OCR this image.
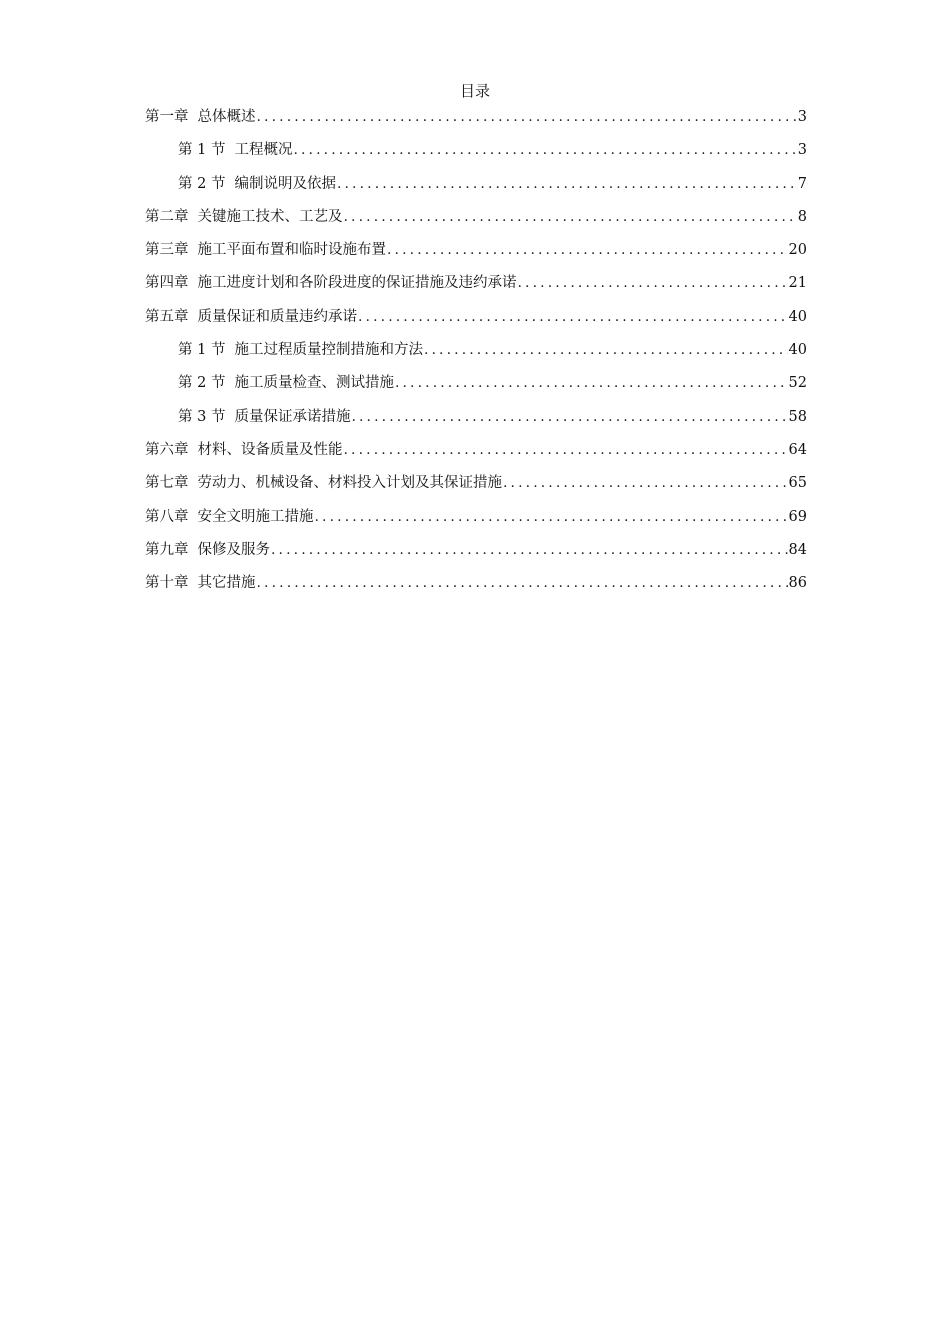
目录
第一章 总体概述 .....	3
第 1 节 工程概况 .....	3
第 2 节 编制说明及依据 .....	7
第二章 关键施工技术、工艺及 .....	8
第三章 施工平面布置和临时设施布置 .....	20
第四章 施工进度计划和各阶段进度的保证措施及违约承诺 .....	21
第五章 质量保证和质量违约承诺 .....	40
第 1 节 施工过程质量控制措施和方法 .....	40
第 2 节 施工质量检查、测试措施 .....	52
第 3 节 质量保证承诺措施 .....	58
第六章 材料、设备质量及性能 .....	64
第七章 劳动力、机械设备、材料投入计划及其保证措施 .....	65
第八章 安全文明施工措施 .....	69
第九章 保修及服务 .....	84
第十章 其它措施 .....	86
